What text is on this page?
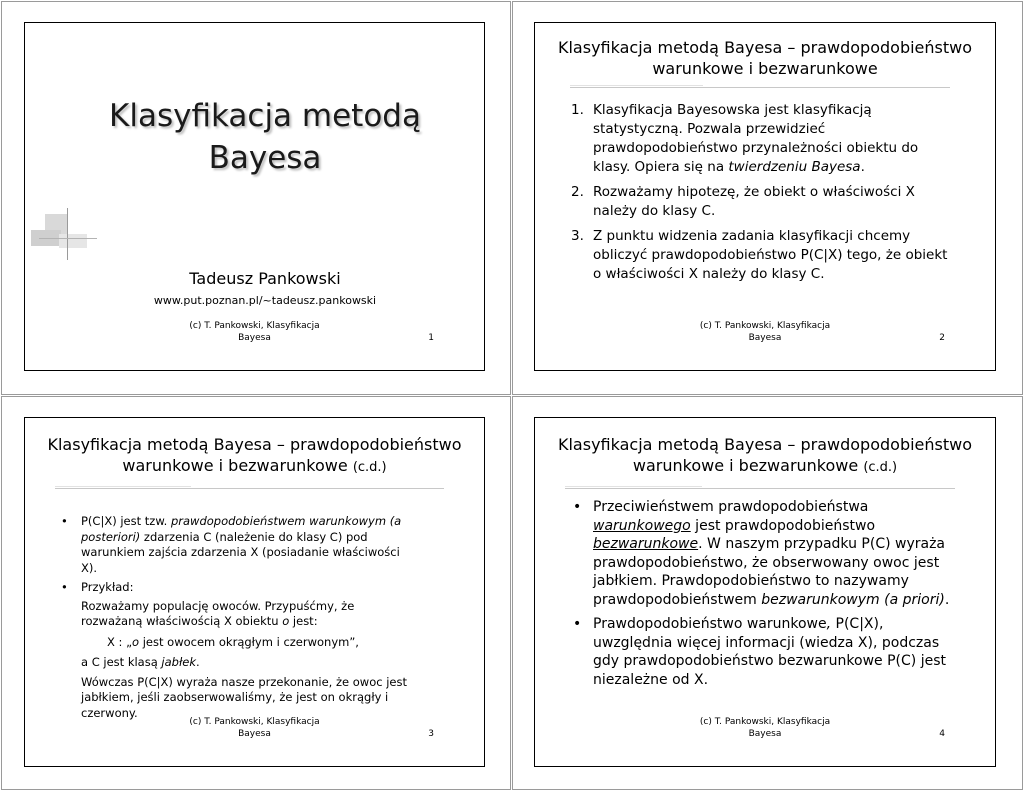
Klasyfikacja metodą
Bayesa
Tadeusz Pankowski
www.put.poznan.pl/~tadeusz.pankowski
(c) T. Pankowski, Klasyfikacja
Bayesa	1
Klasyfikacja metodą Bayesa – prawdopodobieństwo
warunkowe i bezwarunkowe
1. Klasyfikacja Bayesowska jest klasyfikacją statystyczną. Pozwala przewidzieć prawdopodobieństwo przynależności obiektu do klasy. Opiera się na twierdzeniu Bayesa.
2. Rozważamy hipotezę, że obiekt o właściwości X należy do klasy C.
3. Z punktu widzenia zadania klasyfikacji chcemy obliczyć prawdopodobieństwo P(C|X) tego, że obiekt o właściwości X należy do klasy C.
(c) T. Pankowski, Klasyfikacja
Bayesa	2
Klasyfikacja metodą Bayesa – prawdopodobieństwo
warunkowe i bezwarunkowe (c.d.)
• P(C|X) jest tzw. prawdopodobieństwem warunkowym (a posteriori) zdarzenia C (należenie do klasy C) pod warunkiem zajścia zdarzenia X (posiadanie właściwości X).
• Przykład:
Rozważamy populację owoców. Przypuśćmy, że rozważaną właściwością X obiektu o jest:
X : „o jest owocem okrągłym i czerwonym”,
a C jest klasą jabłek.
Wówczas P(C|X) wyraża nasze przekonanie, że owoc jest jabłkiem, jeśli zaobserwowaliśmy, że jest on okrągły i czerwony.
(c) T. Pankowski, Klasyfikacja
Bayesa	3
Klasyfikacja metodą Bayesa – prawdopodobieństwo
warunkowe i bezwarunkowe (c.d.)
• Przeciwieństwem prawdopodobieństwa warunkowego jest prawdopodobieństwo bezwarunkowe. W naszym przypadku P(C) wyraża prawdopodobieństwo, że obserwowany owoc jest jabłkiem. Prawdopodobieństwo to nazywamy prawdopodobieństwem bezwarunkowym (a priori).
• Prawdopodobieństwo warunkowe, P(C|X), uwzględnia więcej informacji (wiedza X), podczas gdy prawdopodobieństwo bezwarunkowe P(C) jest niezależne od X.
(c) T. Pankowski, Klasyfikacja
Bayesa	4
